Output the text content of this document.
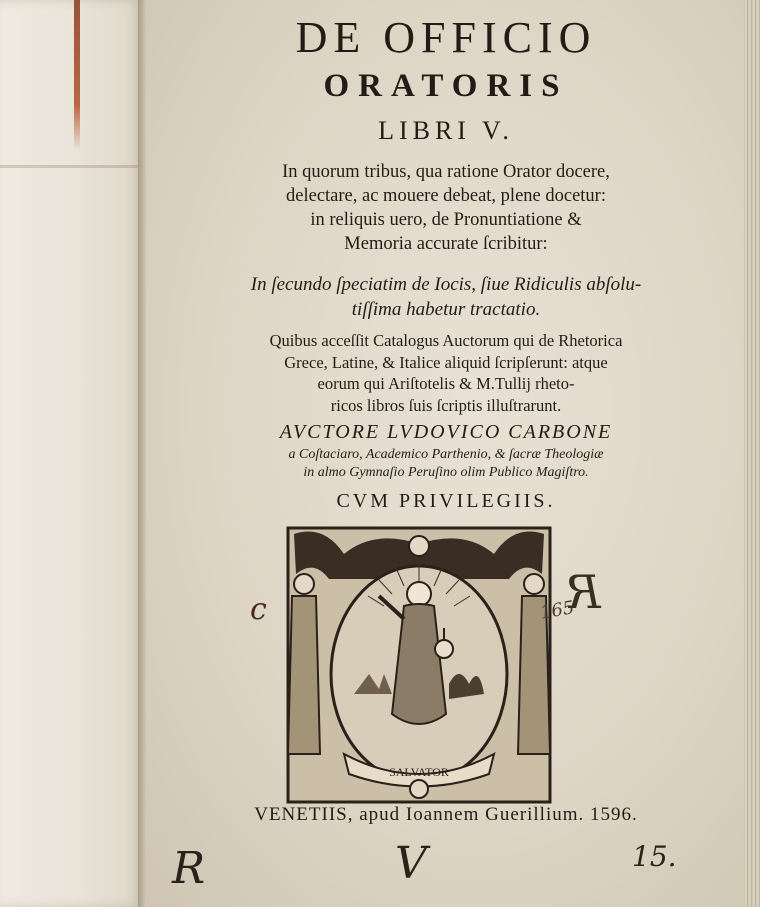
DE OFFICIO
ORATORIS
LIBRI V.
In quorum tribus, qua ratione Orator docere,
delectare, ac mouere debeat, plene docetur:
in reliquis uero, de Pronuntiatione &
Memoria accurate ſcribitur:
In ſecundo ſpeciatim de Iocis, ſiue Ridiculis abſolu-
tiſſima habetur tractatio.
Quibus acceſſit Catalogus Auctorum qui de Rhetorica
Grece, Latine, & Italice aliquid ſcripſerunt: atque
eorum qui Ariſtotelis & M.Tullij rheto-
ricos libros ſuis ſcriptis illuſtrarunt.
AVCTORE LVDOVICO CARBONE
a Coſtaciaro, Academico Parthenio, & ſacræ Theologiæ
in almo Gymnaſio Peruſino olim Publico Magiſtro.
CVM PRIVILEGIIS.
SALVATOR
VENETIIS, apud Ioannem Guerillium. 1596.
R	V	15.
165
R
c
